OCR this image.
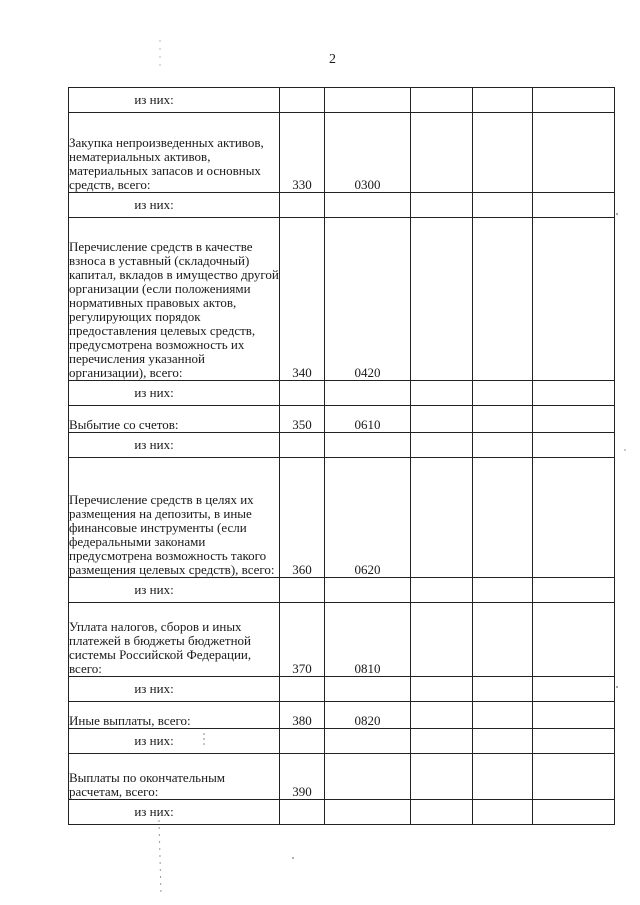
2
из них:					
Закупка непроизведенных активов, нематериальных активов, материальных запасов и основных средств, всего:	330	0300			
из них:					
Перечисление средств в качестве взноса в уставный (складочный) капитал, вкладов в имущество другой организации (если положениями нормативных правовых актов, регулирующих порядок предоставления целевых средств, предусмотрена возможность их перечисления указанной организации), всего:	340	0420			
из них:					
Выбытие со счетов:	350	0610			
из них:					
Перечисление средств в целях их размещения на депозиты, в иные финансовые инструменты (если федеральными законами предусмотрена возможность такого размещения целевых средств), всего:	360	0620			
из них:					
Уплата налогов, сборов и иных платежей в бюджеты бюджетной системы Российской Федерации, всего:	370	0810			
из них:					
Иные выплаты, всего:	380	0820			
из них:					
Выплаты по окончательным расчетам, всего:	390				
из них:					
